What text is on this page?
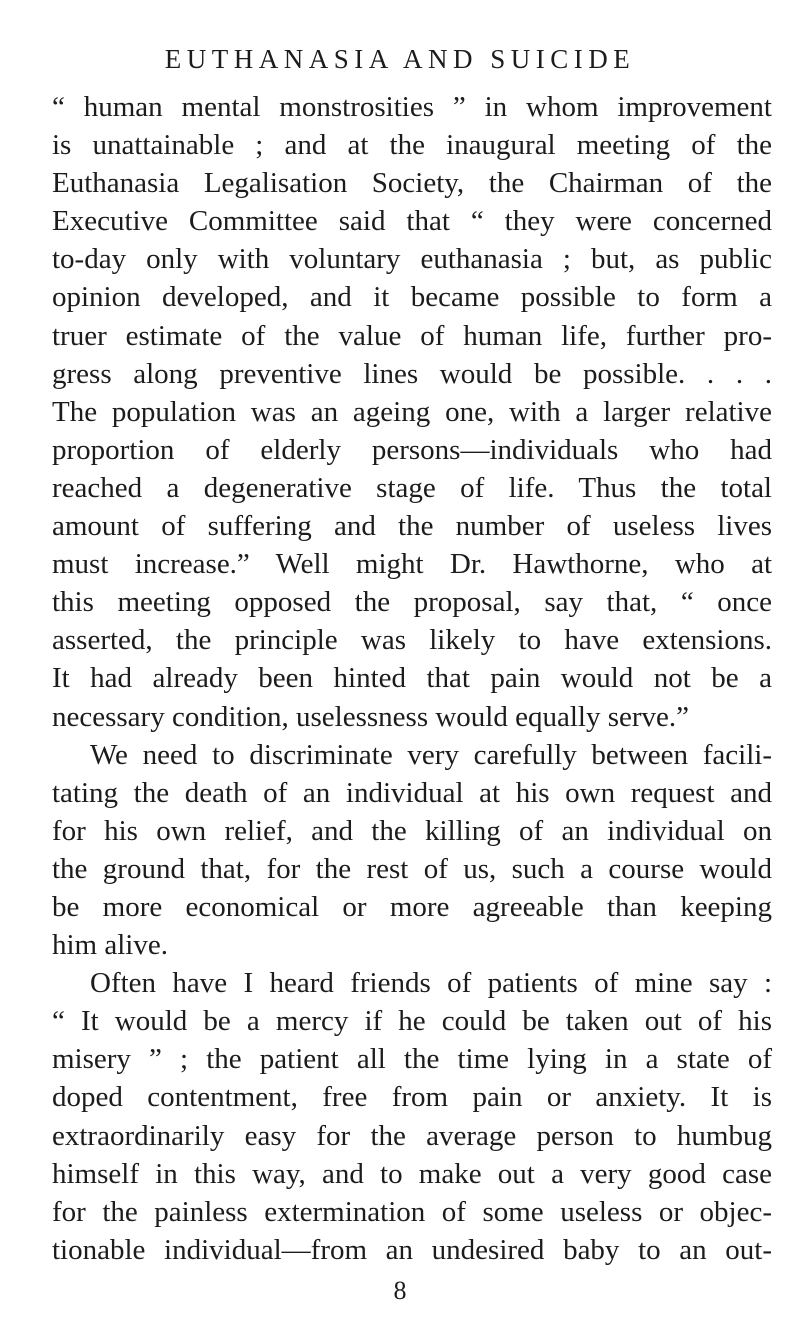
EUTHANASIA AND SUICIDE
“ human mental monstrosities ” in whom improvement
is unattainable ; and at the inaugural meeting of the
Euthanasia Legalisation Society, the Chairman of the
Executive Committee said that “ they were concerned
to-day only with voluntary euthanasia ; but, as public
opinion developed, and it became possible to form a
truer estimate of the value of human life, further pro-
gress along preventive lines would be possible. . . .
The population was an ageing one, with a larger relative
proportion of elderly persons—individuals who had
reached a degenerative stage of life. Thus the total
amount of suffering and the number of useless lives
must increase.” Well might Dr. Hawthorne, who at
this meeting opposed the proposal, say that, “ once
asserted, the principle was likely to have extensions.
It had already been hinted that pain would not be a
necessary condition, uselessness would equally serve.”
We need to discriminate very carefully between facili-
tating the death of an individual at his own request and
for his own relief, and the killing of an individual on
the ground that, for the rest of us, such a course would
be more economical or more agreeable than keeping
him alive.
Often have I heard friends of patients of mine say :
“ It would be a mercy if he could be taken out of his
misery ” ; the patient all the time lying in a state of
doped contentment, free from pain or anxiety. It is
extraordinarily easy for the average person to humbug
himself in this way, and to make out a very good case
for the painless extermination of some useless or objec-
tionable individual—from an undesired baby to an out-
8
